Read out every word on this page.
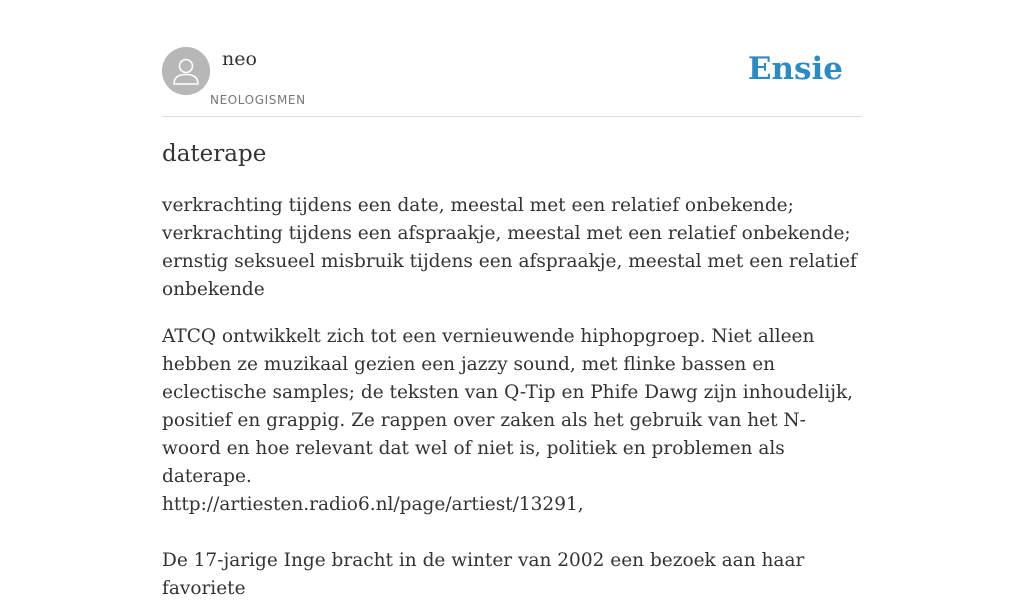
neo
NEOLOGISMEN
Ensie
daterape

verkrachting tijdens een date, meestal met een relatief onbekende; verkrachting tijdens een afspraakje, meestal met een relatief onbekende; ernstig seksueel misbruik tijdens een afspraakje, meestal met een relatief onbekende

ATCQ ontwikkelt zich tot een vernieuwende hiphopgroep. Niet alleen hebben ze muzikaal gezien een jazzy sound, met flinke bassen en eclectische samples; de teksten van Q-Tip en Phife Dawg zijn inhoudelijk, positief en grappig. Ze rappen over zaken als het gebruik van het N-woord en hoe relevant dat wel of niet is, politiek en problemen als daterape.
http://artiesten.radio6.nl/page/artiest/13291,
De 17-jarige Inge bracht in de winter van 2002 een bezoek aan haar favoriete
